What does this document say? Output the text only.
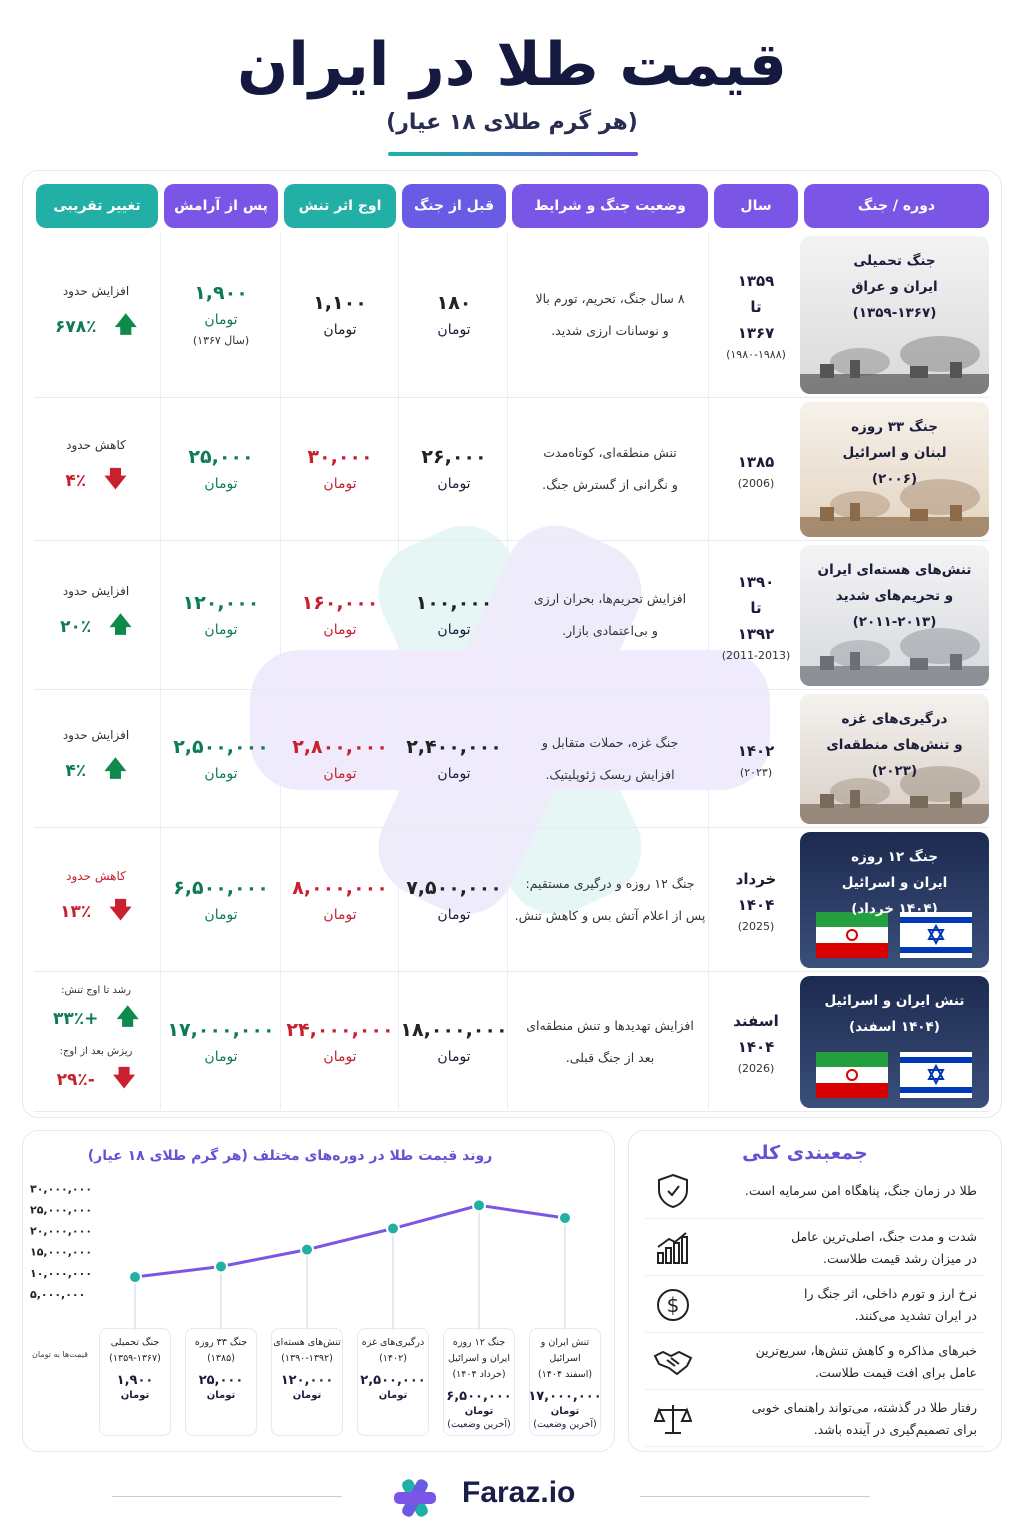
قیمت طلا در ایران
(هر گرم طلای ۱۸ عیار)
دوره / جنگ
سال
وضعیت جنگ و شرایط
قبل از جنگ
اوج اثر تنش
پس از آرامش
تغییر تقریبی
جنگ تحمیلی
ایران و عراق
(۱۳۵۹-۱۳۶۷)
۱۳۵۹
تا
۱۳۶۷
(۱۹۸۰-۱۹۸۸)
۸ سال جنگ، تحریم، تورم بالا
و نوسانات ارزی شدید.
۱۸۰
تومان
۱,۱۰۰
تومان
۱,۹۰۰
تومان
(سال ۱۳۶۷)
افزایش حدود
🡅
۶۷۸٪
جنگ ۳۳ روزه
لبنان و اسرائیل
(۲۰۰۶)
۱۳۸۵
(2006)
تنش منطقه‌ای، کوتاه‌مدت
و نگرانی از گسترش جنگ.
۲۶,۰۰۰
تومان
۳۰,۰۰۰
تومان
۲۵,۰۰۰
تومان
کاهش حدود
🡇
۴٪
تنش‌های هسته‌ای ایران
و تحریم‌های شدید
(۲۰۱۱-۲۰۱۳)
۱۳۹۰
تا
۱۳۹۲
(2011-2013)
افزایش تحریم‌ها، بحران ارزی
و بی‌اعتمادی بازار.
۱۰۰,۰۰۰
تومان
۱۶۰,۰۰۰
تومان
۱۲۰,۰۰۰
تومان
افزایش حدود
🡅
۲۰٪
درگیری‌های غزه
و تنش‌های منطقه‌ای
(۲۰۲۳)
۱۴۰۲
(۲۰۲۳)
جنگ غزه، حملات متقابل و
افزایش ریسک ژئوپلیتیک.
۲,۴۰۰,۰۰۰
تومان
۲,۸۰۰,۰۰۰
تومان
۲,۵۰۰,۰۰۰
تومان
افزایش حدود
🡅
۴٪
جنگ ۱۲ روزه
ایران و اسرائیل
(۱۴۰۴ خرداد)
خرداد
۱۴۰۴
(2025)
جنگ ۱۲ روزه و درگیری مستقیم:
پس از اعلام آتش بس و کاهش تنش.
۷,۵۰۰,۰۰۰
تومان
۸,۰۰۰,۰۰۰
تومان
۶,۵۰۰,۰۰۰
تومان
کاهش حدود
🡇
۱۳٪
تنش ایران و اسرائیل
(۱۴۰۴ اسفند)
اسفند
۱۴۰۴
(2026)
افزایش تهدیدها و تنش منطقه‌ای
بعد از جنگ قبلی.
۱۸,۰۰۰,۰۰۰
تومان
۲۴,۰۰۰,۰۰۰
تومان
۱۷,۰۰۰,۰۰۰
تومان
رشد تا اوج تنش:
🡅
+۳۳٪
ریزش بعد از اوج:
🡇
-۲۹٪
روند قیمت طلا در دوره‌های مختلف (هر گرم طلای ۱۸ عیار)
۳۰,۰۰۰,۰۰۰
۲۵,۰۰۰,۰۰۰
۲۰,۰۰۰,۰۰۰
۱۵,۰۰۰,۰۰۰
۱۰,۰۰۰,۰۰۰
۵,۰۰۰,۰۰۰
قیمت‌ها به تومان
جنگ تحمیلی
(۱۳۵۹-۱۳۶۷)
۱,۹۰۰
تومان
جنگ ۳۳ روزه
(۱۳۸۵)
۲۵,۰۰۰
تومان
تنش‌های هسته‌ای
(۱۳۹۰-۱۳۹۲)
۱۲۰,۰۰۰
تومان
درگیری‌های غزه
(۱۴۰۲)
۲,۵۰۰,۰۰۰
تومان
جنگ ۱۲ روزه
ایران و اسرائیل
(خرداد ۱۴۰۴)
۶,۵۰۰,۰۰۰
تومان
(آخرین وضعیت)
تنش ایران و اسرائیل
(اسفند ۱۴۰۴)
۱۷,۰۰۰,۰۰۰
تومان
(آخرین وضعیت)
جمعبندی کلی
طلا در زمان جنگ، پناهگاه امن سرمایه است.
شدت و مدت جنگ، اصلی‌ترین عامل
در میزان رشد قیمت طلاست.
نرخ ارز و تورم داخلی، اثر جنگ را
در ایران تشدید می‌کنند.
$
خبرهای مذاکره و کاهش تنش‌ها، سریع‌ترین
عامل برای افت قیمت طلاست.
رفتار طلا در گذشته، می‌تواند راهنمای خوبی
برای تصمیم‌گیری در آینده باشد.
Faraz.io
